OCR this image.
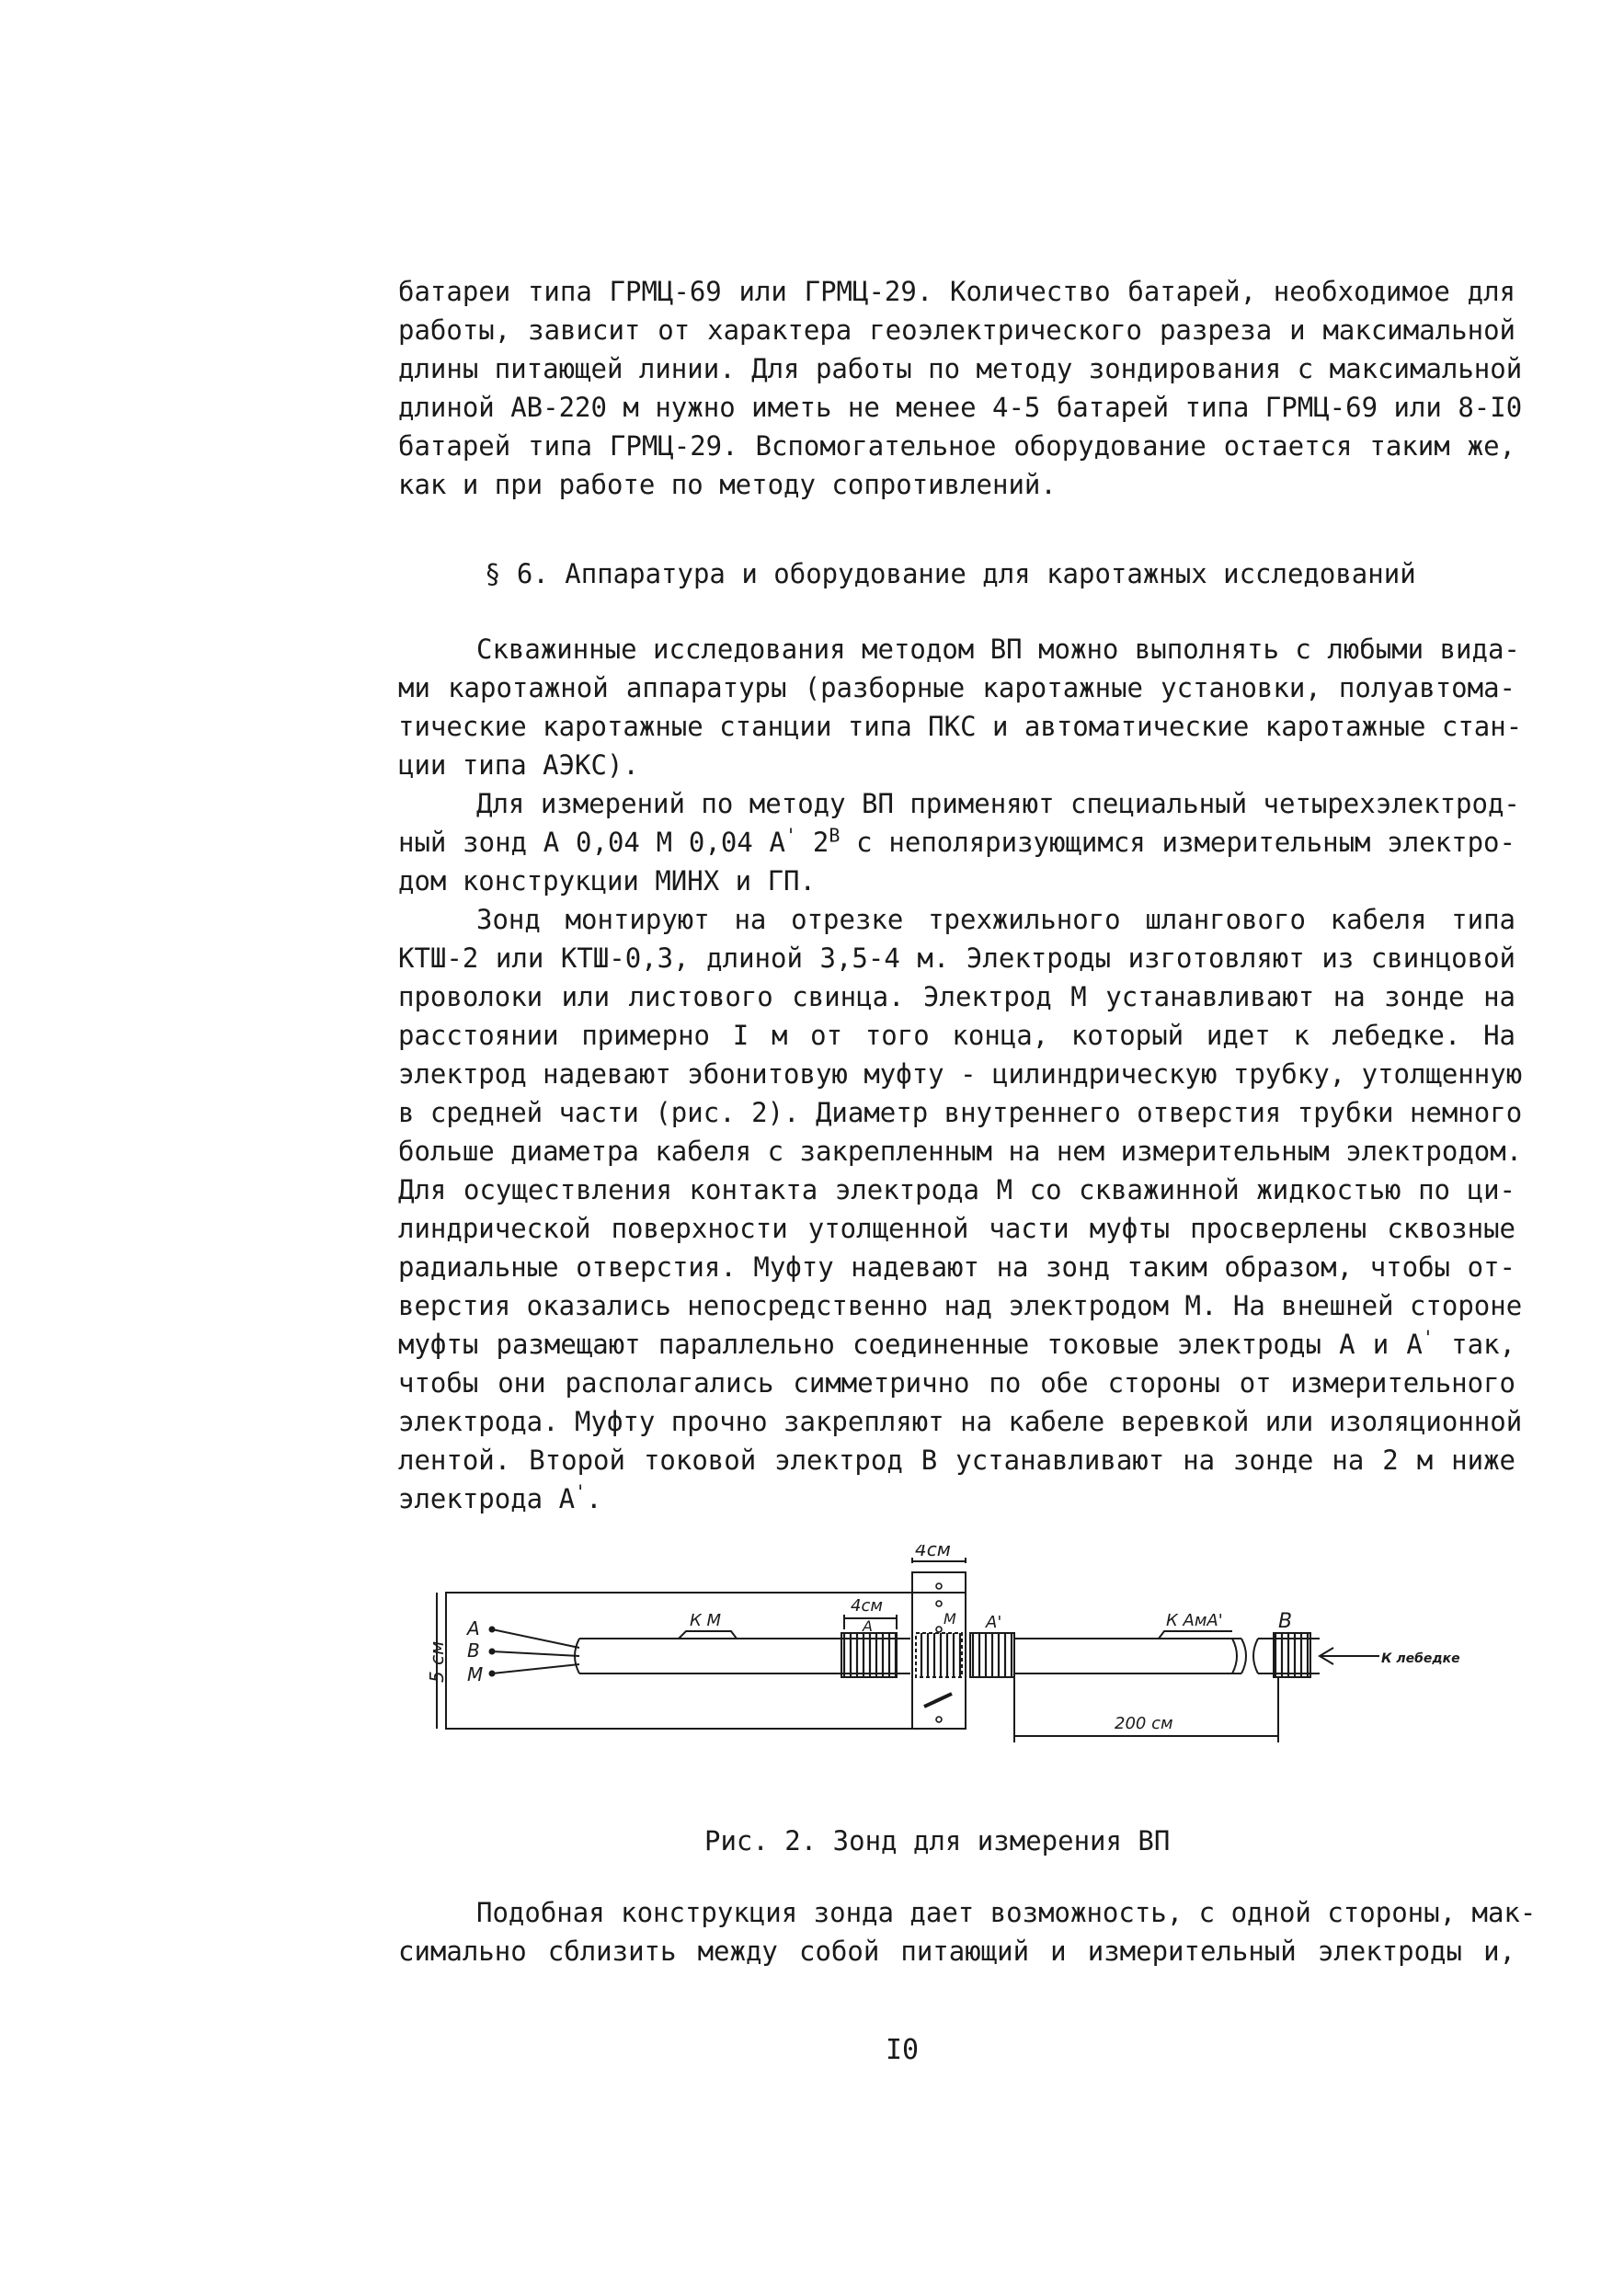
батареи типа ГРМЦ-69 или ГРМЦ-29. Количество батарей, необходимое для
работы, зависит от характера геоэлектрического разреза и максимальной
длины питающей линии. Для работы по методу зондирования с максимальной
длиной АВ-220 м нужно иметь не менее 4-5 батарей типа ГРМЦ-69 или 8-I0
батарей типа ГРМЦ-29. Вспомогательное оборудование остается таким же,
как и при работе по методу сопротивлений.
§ 6. Аппаратура и оборудование для каротажных исследований
Скважинные исследования методом ВП можно выполнять с любыми вида-
ми каротажной аппаратуры (разборные каротажные установки, полуавтома-
тические каротажные станции типа ПКС и автоматические каротажные стан-
ции типа АЭКС).
Для измерений по методу ВП применяют специальный четырехэлектрод-
ный зонд А 0,04 М 0,04 А' $2^В$ с неполяризующимся измерительным электро-
дом конструкции МИНХ и ГП.
Зонд монтируют на отрезке трехжильного шлангового кабеля типа
КТШ-2 или КТШ-0,3, длиной 3,5-4 м. Электроды изготовляют из свинцовой
проволоки или листового свинца. Электрод М устанавливают на зонде на
расстоянии примерно I м от того конца, который идет к лебедке. На
электрод надевают эбонитовую муфту - цилиндрическую трубку, утолщенную
в средней части (рис. 2). Диаметр внутреннего отверстия трубки немного
больше диаметра кабеля с закрепленным на нем измерительным электродом.
Для осуществления контакта электрода М со скважинной жидкостью по ци-
линдрической поверхности утолщенной части муфты просверлены сквозные
радиальные отверстия. Муфту надевают на зонд таким образом, чтобы от-
верстия оказались непосредственно над электродом М. На внешней стороне
муфты размещают параллельно соединенные токовые электроды А и А' так,
чтобы они располагались симметрично по обе стороны от измерительного
электрода. Муфту прочно закрепляют на кабеле веревкой или изоляционной
лентой. Второй токовой электрод В устанавливают на зонде на 2 м ниже
электрода А'.
4см
4см
5 см
А
В
М
К М	А	М А'	К АмА'	В
К лебедке
200 см
Рис. 2. Зонд для измерения ВП
Подобная конструкция зонда дает возможность, с одной стороны, мак-
симально сблизить между собой питающий и измерительный электроды и,
I0
